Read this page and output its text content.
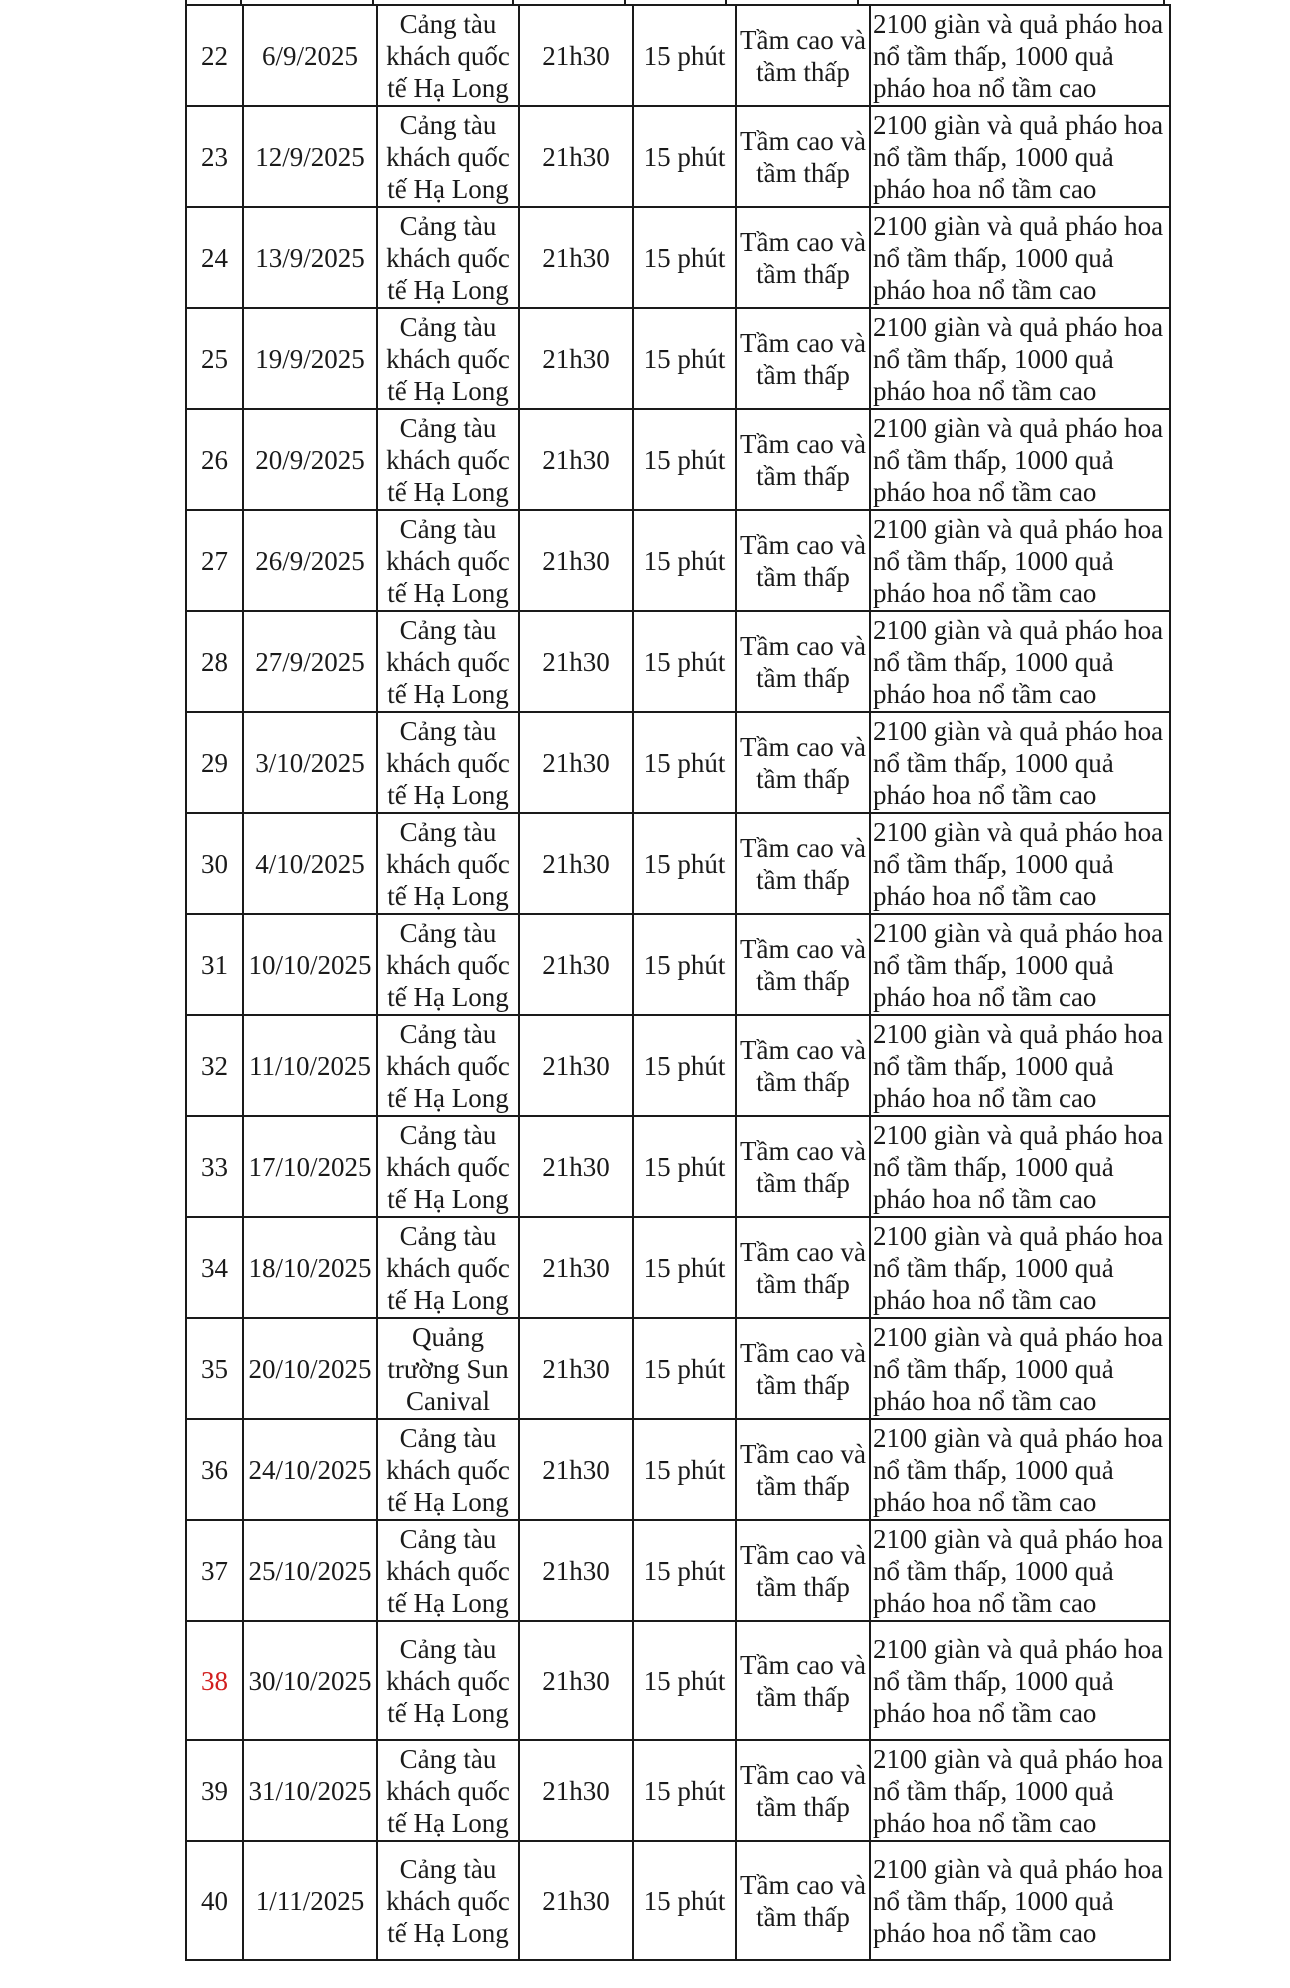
22	6/9/2025	Cảng tàu khách quốc tế Hạ Long	21h30	15 phút	Tầm cao và tầm thấp	2100 giàn và quả pháo hoa nổ tầm thấp, 1000 quả pháo hoa nổ tầm cao
23	12/9/2025	Cảng tàu khách quốc tế Hạ Long	21h30	15 phút	Tầm cao và tầm thấp	2100 giàn và quả pháo hoa nổ tầm thấp, 1000 quả pháo hoa nổ tầm cao
24	13/9/2025	Cảng tàu khách quốc tế Hạ Long	21h30	15 phút	Tầm cao và tầm thấp	2100 giàn và quả pháo hoa nổ tầm thấp, 1000 quả pháo hoa nổ tầm cao
25	19/9/2025	Cảng tàu khách quốc tế Hạ Long	21h30	15 phút	Tầm cao và tầm thấp	2100 giàn và quả pháo hoa nổ tầm thấp, 1000 quả pháo hoa nổ tầm cao
26	20/9/2025	Cảng tàu khách quốc tế Hạ Long	21h30	15 phút	Tầm cao và tầm thấp	2100 giàn và quả pháo hoa nổ tầm thấp, 1000 quả pháo hoa nổ tầm cao
27	26/9/2025	Cảng tàu khách quốc tế Hạ Long	21h30	15 phút	Tầm cao và tầm thấp	2100 giàn và quả pháo hoa nổ tầm thấp, 1000 quả pháo hoa nổ tầm cao
28	27/9/2025	Cảng tàu khách quốc tế Hạ Long	21h30	15 phút	Tầm cao và tầm thấp	2100 giàn và quả pháo hoa nổ tầm thấp, 1000 quả pháo hoa nổ tầm cao
29	3/10/2025	Cảng tàu khách quốc tế Hạ Long	21h30	15 phút	Tầm cao và tầm thấp	2100 giàn và quả pháo hoa nổ tầm thấp, 1000 quả pháo hoa nổ tầm cao
30	4/10/2025	Cảng tàu khách quốc tế Hạ Long	21h30	15 phút	Tầm cao và tầm thấp	2100 giàn và quả pháo hoa nổ tầm thấp, 1000 quả pháo hoa nổ tầm cao
31	10/10/2025	Cảng tàu khách quốc tế Hạ Long	21h30	15 phút	Tầm cao và tầm thấp	2100 giàn và quả pháo hoa nổ tầm thấp, 1000 quả pháo hoa nổ tầm cao
32	11/10/2025	Cảng tàu khách quốc tế Hạ Long	21h30	15 phút	Tầm cao và tầm thấp	2100 giàn và quả pháo hoa nổ tầm thấp, 1000 quả pháo hoa nổ tầm cao
33	17/10/2025	Cảng tàu khách quốc tế Hạ Long	21h30	15 phút	Tầm cao và tầm thấp	2100 giàn và quả pháo hoa nổ tầm thấp, 1000 quả pháo hoa nổ tầm cao
34	18/10/2025	Cảng tàu khách quốc tế Hạ Long	21h30	15 phút	Tầm cao và tầm thấp	2100 giàn và quả pháo hoa nổ tầm thấp, 1000 quả pháo hoa nổ tầm cao
35	20/10/2025	Quảng trường Sun Canival	21h30	15 phút	Tầm cao và tầm thấp	2100 giàn và quả pháo hoa nổ tầm thấp, 1000 quả pháo hoa nổ tầm cao
36	24/10/2025	Cảng tàu khách quốc tế Hạ Long	21h30	15 phút	Tầm cao và tầm thấp	2100 giàn và quả pháo hoa nổ tầm thấp, 1000 quả pháo hoa nổ tầm cao
37	25/10/2025	Cảng tàu khách quốc tế Hạ Long	21h30	15 phút	Tầm cao và tầm thấp	2100 giàn và quả pháo hoa nổ tầm thấp, 1000 quả pháo hoa nổ tầm cao
38	30/10/2025	Cảng tàu khách quốc tế Hạ Long	21h30	15 phút	Tầm cao và tầm thấp	2100 giàn và quả pháo hoa nổ tầm thấp, 1000 quả pháo hoa nổ tầm cao
39	31/10/2025	Cảng tàu khách quốc tế Hạ Long	21h30	15 phút	Tầm cao và tầm thấp	2100 giàn và quả pháo hoa nổ tầm thấp, 1000 quả pháo hoa nổ tầm cao
40	1/11/2025	Cảng tàu khách quốc tế Hạ Long	21h30	15 phút	Tầm cao và tầm thấp	2100 giàn và quả pháo hoa nổ tầm thấp, 1000 quả pháo hoa nổ tầm cao
